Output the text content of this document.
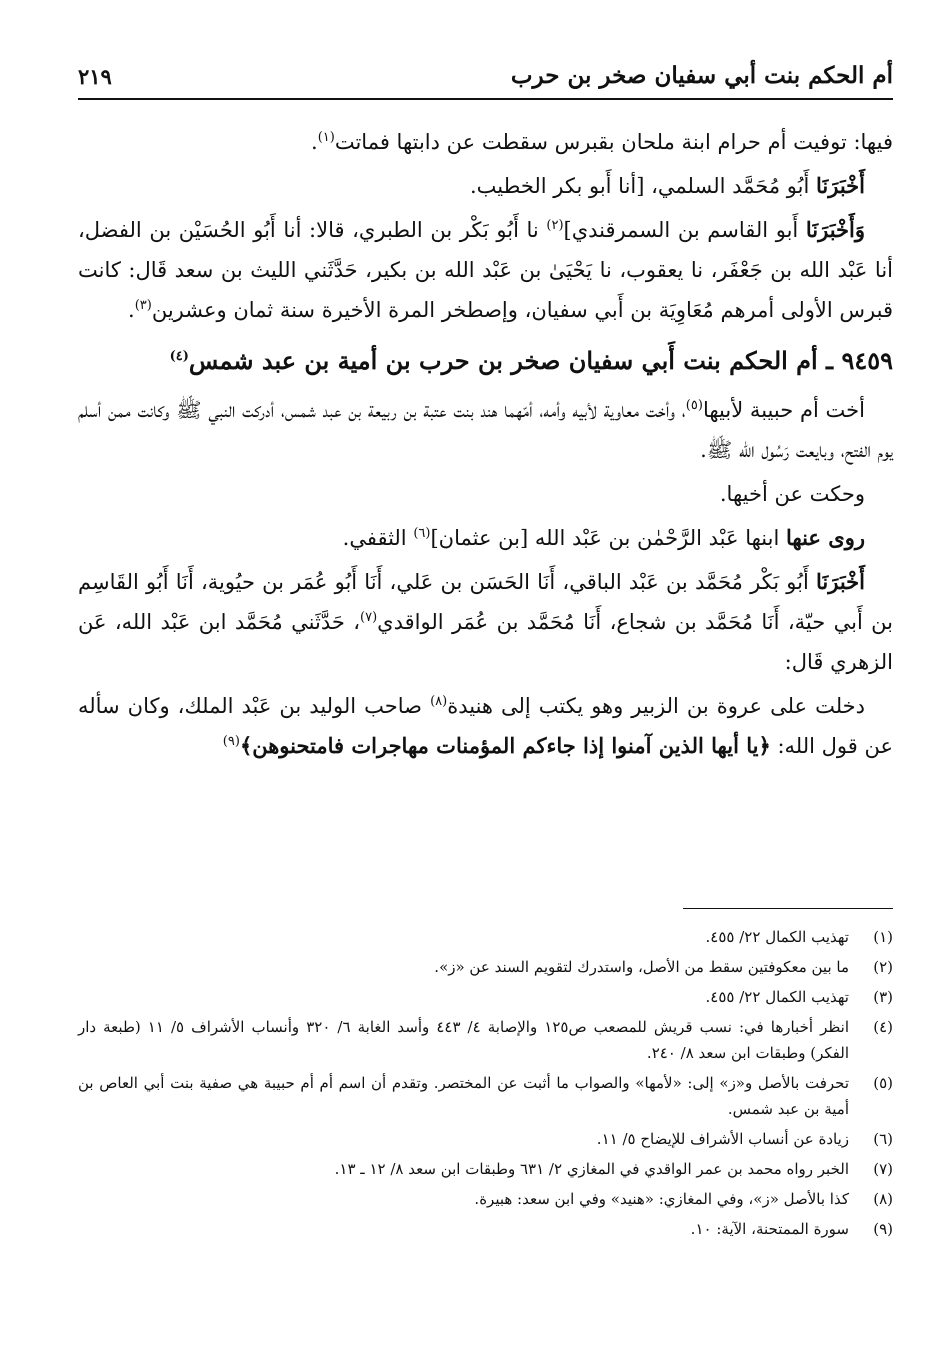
أم الحكم بنت أبي سفيان صخر بن حرب
٢١٩

فيها: توفيت أم حرام ابنة ملحان بقبرس سقطت عن دابتها فماتت$^{(١)}$.

أَخْبَرَنَا أَبُو مُحَمَّد السلمي، [أنا أَبو بكر الخطيب.

وَأَخْبَرَنَا أَبو القاسم بن السمرقندي]$^{(٢)}$ نا أَبُو بَكْر بن الطبري، قالا: أنا أَبُو الحُسَيْن بن الفضل، أنا عَبْد الله بن جَعْفَر، نا يعقوب، نا يَحْيَىٰ بن عَبْد الله بن بكير، حَدَّثَني الليث بن سعد قَال: كانت قبرس الأولى أمرهم مُعَاوِيَة بن أَبي سفيان، وإصطخر المرة الأخيرة سنة ثمان وعشرين$^{(٣)}$.

٩٤٥٩ ـ أم الحكم بنت أَبي سفيان صخر بن حرب بن أمية بن عبد شمس$^{(٤)}$

أخت أم حبيبة لأبيها$^{(٥)}$، وأخت معاوية لأبيه وأمه، أمّهما هند بنت عتبة بن ربيعة بن عبد شمس، أدركت النبي ﷺ وكانت ممن أسلم يوم الفتح، وبايعت رَسُول الله ﷺ.

وحكت عن أخيها.

روى عنها ابنها عَبْد الرَّحْمٰن بن عَبْد الله [بن عثمان]$^{(٦)}$ الثقفي.

أَخْبَرَنَا أَبُو بَكْر مُحَمَّد بن عَبْد الباقي، أَنَا الحَسَن بن عَلي، أَنَا أَبُو عُمَر بن حيُوية، أَنَا أَبُو القَاسِم بن أَبي حيّة، أَنَا مُحَمَّد بن شجاع، أَنَا مُحَمَّد بن عُمَر الواقدي$^{(٧)}$، حَدَّثَني مُحَمَّد ابن عَبْد الله، عَن الزهري قَال:

دخلت على عروة بن الزبير وهو يكتب إلى هنيدة$^{(٨)}$ صاحب الوليد بن عَبْد الملك، وكان سأله عن قول الله: ﴿يا أيها الذين آمنوا إذا جاءكم المؤمنات مهاجرات فامتحنوهن﴾$^{(٩)}$

(١)
تهذيب الكمال ٢٢/ ٤٥٥.
(٢)
ما بين معكوفتين سقط من الأصل، واستدرك لتقويم السند عن «ز».
(٣)
تهذيب الكمال ٢٢/ ٤٥٥.
(٤)
انظر أخبارها في: نسب قريش للمصعب ص١٢٥ والإصابة ٤/ ٤٤٣ وأسد الغابة ٦/ ٣٢٠ وأنساب الأشراف ٥/ ١١ (طبعة دار الفكر) وطبقات ابن سعد ٨/ ٢٤٠.
(٥)
تحرفت بالأصل و«ز» إلى: «لأمها» والصواب ما أثبت عن المختصر. وتقدم أن اسم أم أم حبيبة هي صفية بنت أبي العاص بن أمية بن عبد شمس.
(٦)
زيادة عن أنساب الأشراف للإيضاح ٥/ ١١.
(٧)
الخبر رواه محمد بن عمر الواقدي في المغازي ٢/ ٦٣١ وطبقات ابن سعد ٨/ ١٢ ـ ١٣.
(٨)
كذا بالأصل «ز»، وفي المغازي: «هنيد» وفي ابن سعد: هبيرة.
(٩)
سورة الممتحنة، الآية: ١٠.
